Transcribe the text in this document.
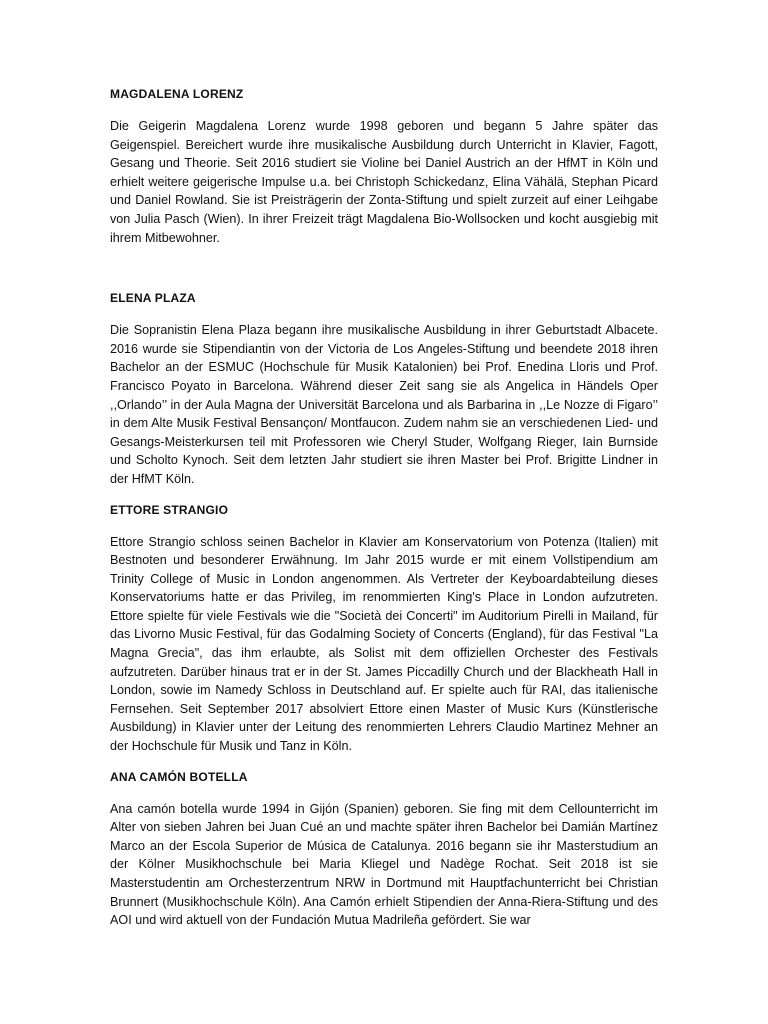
MAGDALENA LORENZ

Die Geigerin Magdalena Lorenz wurde 1998 geboren und begann 5 Jahre später das Geigenspiel. Bereichert wurde ihre musikalische Ausbildung durch Unterricht in Klavier, Fagott, Gesang und Theorie. Seit 2016 studiert sie Violine bei Daniel Austrich an der HfMT in Köln und erhielt weitere geigerische Impulse u.a. bei Christoph Schickedanz, Elina Vähälä, Stephan Picard und Daniel Rowland. Sie ist Preisträgerin der Zonta-Stiftung und spielt zurzeit auf einer Leihgabe von Julia Pasch (Wien). In ihrer Freizeit trägt Magdalena Bio-Wollsocken und kocht ausgiebig mit ihrem Mitbewohner.

ELENA PLAZA

Die Sopranistin Elena Plaza begann ihre musikalische Ausbildung in ihrer Geburtstadt Albacete. 2016 wurde sie Stipendiantin von der Victoria de Los Angeles-Stiftung und beendete 2018 ihren Bachelor an der ESMUC (Hochschule für Musik Katalonien) bei Prof. Enedina Lloris und Prof. Francisco Poyato in Barcelona. Während dieser Zeit sang sie als Angelica in Händels Oper ,,Orlando’’ in der Aula Magna der Universität Barcelona und als Barbarina in ,,Le Nozze di Figaro’’ in dem Alte Musik Festival Bensançon/ Montfaucon. Zudem nahm sie an verschiedenen Lied- und Gesangs-Meisterkursen teil mit Professoren wie Cheryl Studer, Wolfgang Rieger, Iain Burnside und Scholto Kynoch. Seit dem letzten Jahr studiert sie ihren Master bei Prof. Brigitte Lindner in der HfMT Köln.

ETTORE STRANGIO

Ettore Strangio schloss seinen Bachelor in Klavier am Konservatorium von Potenza (Italien) mit Bestnoten und besonderer Erwähnung. Im Jahr 2015 wurde er mit einem Vollstipendium am Trinity College of Music in London angenommen. Als Vertreter der Keyboardabteilung dieses Konservatoriums hatte er das Privileg, im renommierten King's Place in London aufzutreten. Ettore spielte für viele Festivals wie die "Società dei Concerti" im Auditorium Pirelli in Mailand, für das Livorno Music Festival, für das Godalming Society of Concerts (England), für das Festival "La Magna Grecia", das ihm erlaubte, als Solist mit dem offiziellen Orchester des Festivals aufzutreten. Darüber hinaus trat er in der St. James Piccadilly Church und der Blackheath Hall in London, sowie im Namedy Schloss in Deutschland auf. Er spielte auch für RAI, das italienische Fernsehen. Seit September 2017 absolviert Ettore einen Master of Music Kurs (Künstlerische Ausbildung) in Klavier unter der Leitung des renommierten Lehrers Claudio Martinez Mehner an der Hochschule für Musik und Tanz in Köln.

ANA CAMÓN BOTELLA

Ana camón botella wurde 1994 in Gijón (Spanien) geboren. Sie fing mit dem Cellounterricht im Alter von sieben Jahren bei Juan Cué an und machte später ihren Bachelor bei Damián Martínez Marco an der Escola Superior de Música de Catalunya. 2016 begann sie ihr Masterstudium an der Kölner Musikhochschule bei Maria Kliegel und Nadège Rochat. Seit 2018 ist sie Masterstudentin am Orchesterzentrum NRW in Dortmund mit Hauptfachunterricht bei Christian Brunnert (Musikhochschule Köln). Ana Camón erhielt Stipendien der Anna-Riera-Stiftung und des AOI und wird aktuell von der Fundación Mutua Madrileña gefördert. Sie war
